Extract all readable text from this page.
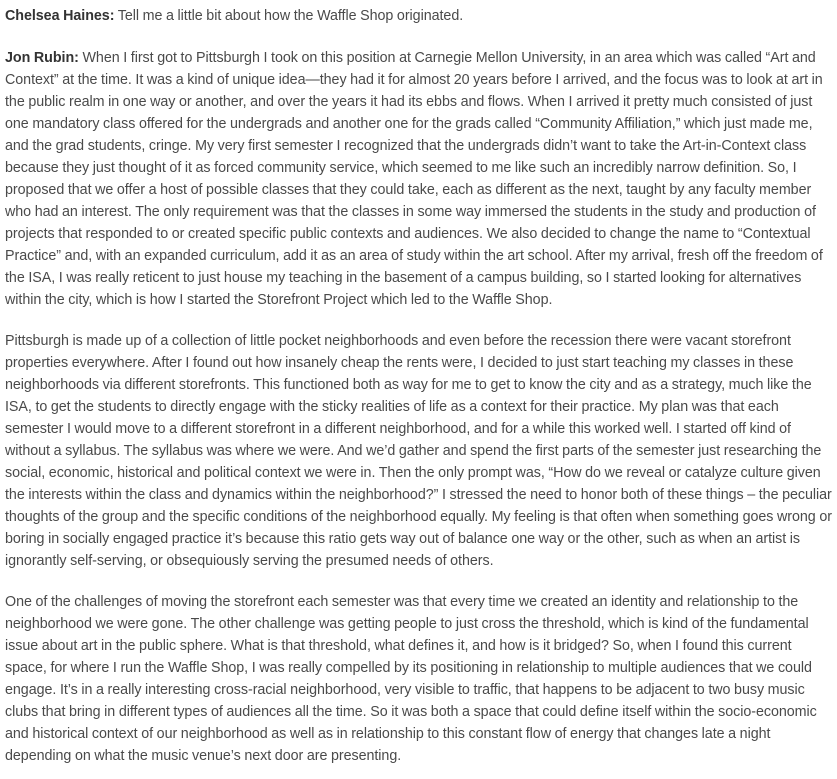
Chelsea Haines: Tell me a little bit about how the Waffle Shop originated.

Jon Rubin: When I first got to Pittsburgh I took on this position at Carnegie Mellon University, in an area which was called “Art and Context” at the time. It was a kind of unique idea—they had it for almost 20 years before I arrived, and the focus was to look at art in the public realm in one way or another, and over the years it had its ebbs and flows. When I arrived it pretty much consisted of just one mandatory class offered for the undergrads and another one for the grads called “Community Affiliation,” which just made me, and the grad students, cringe. My very first semester I recognized that the undergrads didn’t want to take the Art-in-Context class because they just thought of it as forced community service, which seemed to me like such an incredibly narrow definition. So, I proposed that we offer a host of possible classes that they could take, each as different as the next, taught by any faculty member who had an interest. The only requirement was that the classes in some way immersed the students in the study and production of projects that responded to or created specific public contexts and audiences. We also decided to change the name to “Contextual Practice” and, with an expanded curriculum, add it as an area of study within the art school. After my arrival, fresh off the freedom of the ISA, I was really reticent to just house my teaching in the basement of a campus building, so I started looking for alternatives within the city, which is how I started the Storefront Project which led to the Waffle Shop.

Pittsburgh is made up of a collection of little pocket neighborhoods and even before the recession there were vacant storefront properties everywhere. After I found out how insanely cheap the rents were, I decided to just start teaching my classes in these neighborhoods via different storefronts. This functioned both as way for me to get to know the city and as a strategy, much like the ISA, to get the students to directly engage with the sticky realities of life as a context for their practice. My plan was that each semester I would move to a different storefront in a different neighborhood, and for a while this worked well. I started off kind of without a syllabus. The syllabus was where we were. And we’d gather and spend the first parts of the semester just researching the social, economic, historical and political context we were in. Then the only prompt was, “How do we reveal or catalyze culture given the interests within the class and dynamics within the neighborhood?” I stressed the need to honor both of these things – the peculiar thoughts of the group and the specific conditions of the neighborhood equally. My feeling is that often when something goes wrong or boring in socially engaged practice it’s because this ratio gets way out of balance one way or the other, such as when an artist is ignorantly self-serving, or obsequiously serving the presumed needs of others.

One of the challenges of moving the storefront each semester was that every time we created an identity and relationship to the neighborhood we were gone. The other challenge was getting people to just cross the threshold, which is kind of the fundamental issue about art in the public sphere. What is that threshold, what defines it, and how is it bridged? So, when I found this current space, for where I run the Waffle Shop, I was really compelled by its positioning in relationship to multiple audiences that we could engage. It’s in a really interesting cross-racial neighborhood, very visible to traffic, that happens to be adjacent to two busy music clubs that bring in different types of audiences all the time. So it was both a space that could define itself within the socio-economic and historical context of our neighborhood as well as in relationship to this constant flow of energy that changes late a night depending on what the music venue’s next door are presenting.
